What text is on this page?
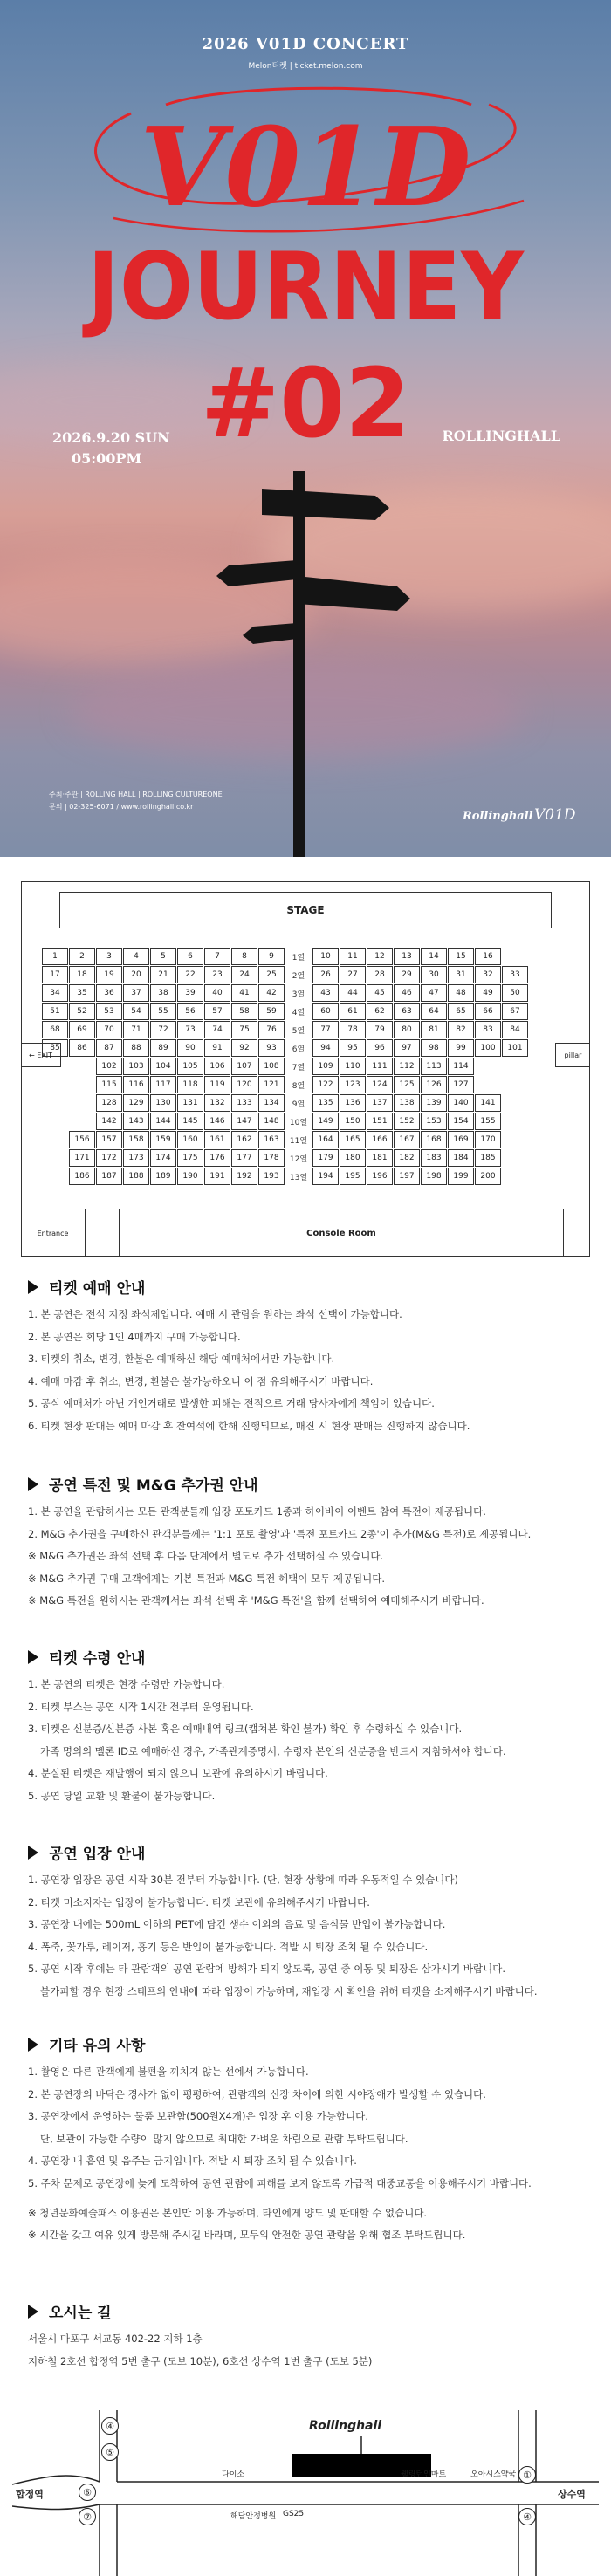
2026 V01D CONCERT
Melon티켓 | ticket.melon.com
V01D
JOURNEY
#02
2026.9.20 SUN
05:00PM
ROLLINGHALL
주최·주관 | ROLLING HALL | ROLLING CULTUREONE
문의 | 02-325-6071 / www.rollinghall.co.kr
Rollinghall V01D
STAGE
1	2	3	4	5	6	7	8	9	1열	10	11	12	13	14	15	16
17	18	19	20	21	22	23	24	25	2열	26	27	28	29	30	31	32	33
34	35	36	37	38	39	40	41	42	3열	43	44	45	46	47	48	49	50
51	52	53	54	55	56	57	58	59	4열	60	61	62	63	64	65	66	67
68	69	70	71	72	73	74	75	76	5열	77	78	79	80	81	82	83	84
85	86	87	88	89	90	91	92	93	6열	94	95	96	97	98	99	100	101
102	103	104	105	106	107	108	7열	109	110	111	112	113	114
115	116	117	118	119	120	121	8열	122	123	124	125	126	127
128	129	130	131	132	133	134	9열	135	136	137	138	139	140	141
142	143	144	145	146	147	148	10열	149	150	151	152	153	154	155
156	157	158	159	160	161	162	163	11열	164	165	166	167	168	169	170
171	172	173	174	175	176	177	178	12열	179	180	181	182	183	184	185
186	187	188	189	190	191	192	193	13열	194	195	196	197	198	199	200
← EXIT	pillar
Entrance	Console Room
티켓 예매 안내

1. 본 공연은 전석 지정 좌석제입니다. 예매 시 관람을 원하는 좌석 선택이 가능합니다.

2. 본 공연은 회당 1인 4매까지 구매 가능합니다.

3. 티켓의 취소, 변경, 환불은 예매하신 해당 예매처에서만 가능합니다.

4. 예매 마감 후 취소, 변경, 환불은 불가능하오니 이 점 유의해주시기 바랍니다.

5. 공식 예매처가 아닌 개인거래로 발생한 피해는 전적으로 거래 당사자에게 책임이 있습니다.

6. 티켓 현장 판매는 예매 마감 후 잔여석에 한해 진행되므로, 매진 시 현장 판매는 진행하지 않습니다.

공연 특전 및 M&G 추가권 안내

1. 본 공연을 관람하시는 모든 관객분들께 입장 포토카드 1종과 하이바이 이벤트 참여 특전이 제공됩니다.

2. M&G 추가권을 구매하신 관객분들께는 '1:1 포토 촬영'과 '특전 포토카드 2종'이 추가(M&G 특전)로 제공됩니다.

※ M&G 추가권은 좌석 선택 후 다음 단계에서 별도로 추가 선택해실 수 있습니다.

※ M&G 추가권 구매 고객에게는 기본 특전과 M&G 특전 혜택이 모두 제공됩니다.

※ M&G 특전을 원하시는 관객께서는 좌석 선택 후 'M&G 특전'을 함께 선택하여 예매해주시기 바랍니다.

티켓 수령 안내

1. 본 공연의 티켓은 현장 수령만 가능합니다.

2. 티켓 부스는 공연 시작 1시간 전부터 운영됩니다.

3. 티켓은 신분증/신분증 사본 혹은 예매내역 링크(캡쳐본 확인 불가) 확인 후 수령하실 수 있습니다.

가족 명의의 멜론 ID로 예매하신 경우, 가족관계증명서, 수령자 본인의 신분증을 반드시 지참하셔야 합니다.

4. 분실된 티켓은 재발행이 되지 않으니 보관에 유의하시기 바랍니다.

5. 공연 당일 교환 및 환불이 불가능합니다.

공연 입장 안내

1. 공연장 입장은 공연 시작 30분 전부터 가능합니다. (단, 현장 상황에 따라 유동적일 수 있습니다)

2. 티켓 미소지자는 입장이 불가능합니다. 티켓 보관에 유의해주시기 바랍니다.

3. 공연장 내에는 500mL 이하의 PET에 담긴 생수 이외의 음료 및 음식물 반입이 불가능합니다.

4. 폭죽, 꽃가루, 레이저, 흉기 등은 반입이 불가능합니다. 적발 시 퇴장 조치 될 수 있습니다.

5. 공연 시작 후에는 타 관람객의 공연 관람에 방해가 되지 않도록, 공연 중 이동 및 퇴장은 삼가시기 바랍니다.

불가피할 경우 현장 스태프의 안내에 따라 입장이 가능하며, 재입장 시 확인을 위해 티켓을 소지해주시기 바랍니다.

기타 유의 사항

1. 촬영은 다른 관객에게 불편을 끼치지 않는 선에서 가능합니다.

2. 본 공연장의 바닥은 경사가 없어 평평하여, 관람객의 신장 차이에 의한 시야장애가 발생할 수 있습니다.

3. 공연장에서 운영하는 물품 보관함(500원X4개)은 입장 후 이용 가능합니다.

단, 보관이 가능한 수량이 많지 않으므로 최대한 가벼운 차림으로 관람 부탁드립니다.

4. 공연장 내 흡연 및 음주는 금지입니다. 적발 시 퇴장 조치 될 수 있습니다.

5. 주차 문제로 공연장에 늦게 도착하여 공연 관람에 피해를 보지 않도록 가급적 대중교통을 이용해주시기 바랍니다.

※ 청년문화예술패스 이용권은 본인만 이용 가능하며, 타인에게 양도 및 판매할 수 없습니다.

※ 시간을 갖고 여유 있게 방문해 주시길 바라며, 모두의 안전한 공연 관람을 위해 협조 부탁드립니다.

오시는 길

서울시 마포구 서교동 402-22 지하 1층

지하철 2호선 합정역 5번 출구 (도보 10분), 6호선 상수역 1번 출구 (도보 5분)

Rollinghall
합정역	상수역
다이소	웰링턴인마트	오아시스약국
해담안정병원 GS25
④
⑤
⑥
⑦
①
④
